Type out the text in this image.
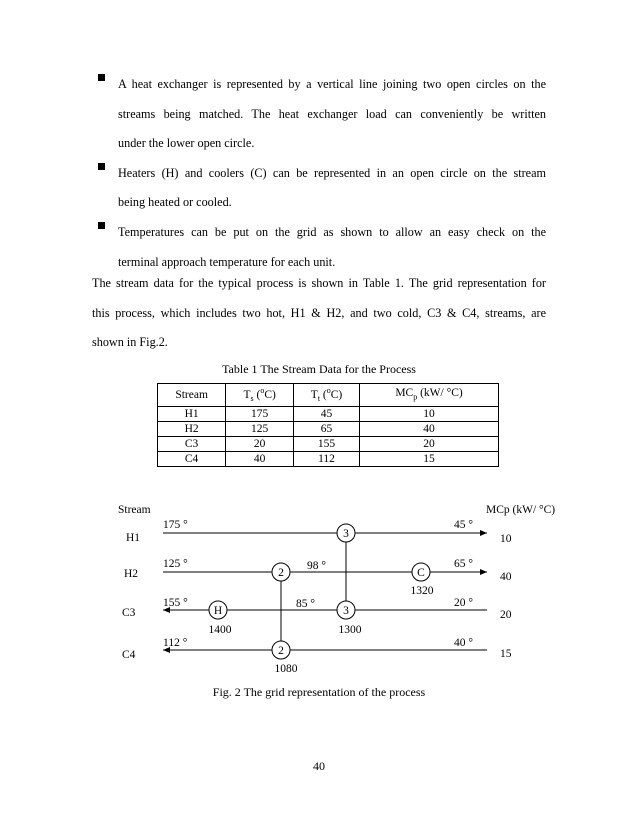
A heat exchanger is represented by a vertical line joining two open circles on the
streams being matched. The heat exchanger load can conveniently be written
under the lower open circle.
Heaters (H) and coolers (C) can be represented in an open circle on the stream
being heated or cooled.
Temperatures can be put on the grid as shown to allow an easy check on the
terminal approach temperature for each unit.
The stream data for the typical process is shown in Table 1. The grid representation for
this process, which includes two hot, H1 & H2, and two cold, C3 & C4, streams, are
shown in Fig.2.
Table 1 The Stream Data for the Process
Stream	$T_s$ ($^o$C)	$T_t$ ($^o$C)	$MC_p$ (kW/ °C)
H1	175	45	10
H2	125	65	40
C3	20	155	20
C4	40	112	15
Stream	MCp (kW/ °C)
H1
175 °	45 °
10
H2
125 °	98 °	65 °
40
C3
155 °	85 °	20 °
20
C4
112 °	40 °
15
3
3
1300
2
2
1080
C
1320
H
1400
Fig. 2 The grid representation of the process
40
